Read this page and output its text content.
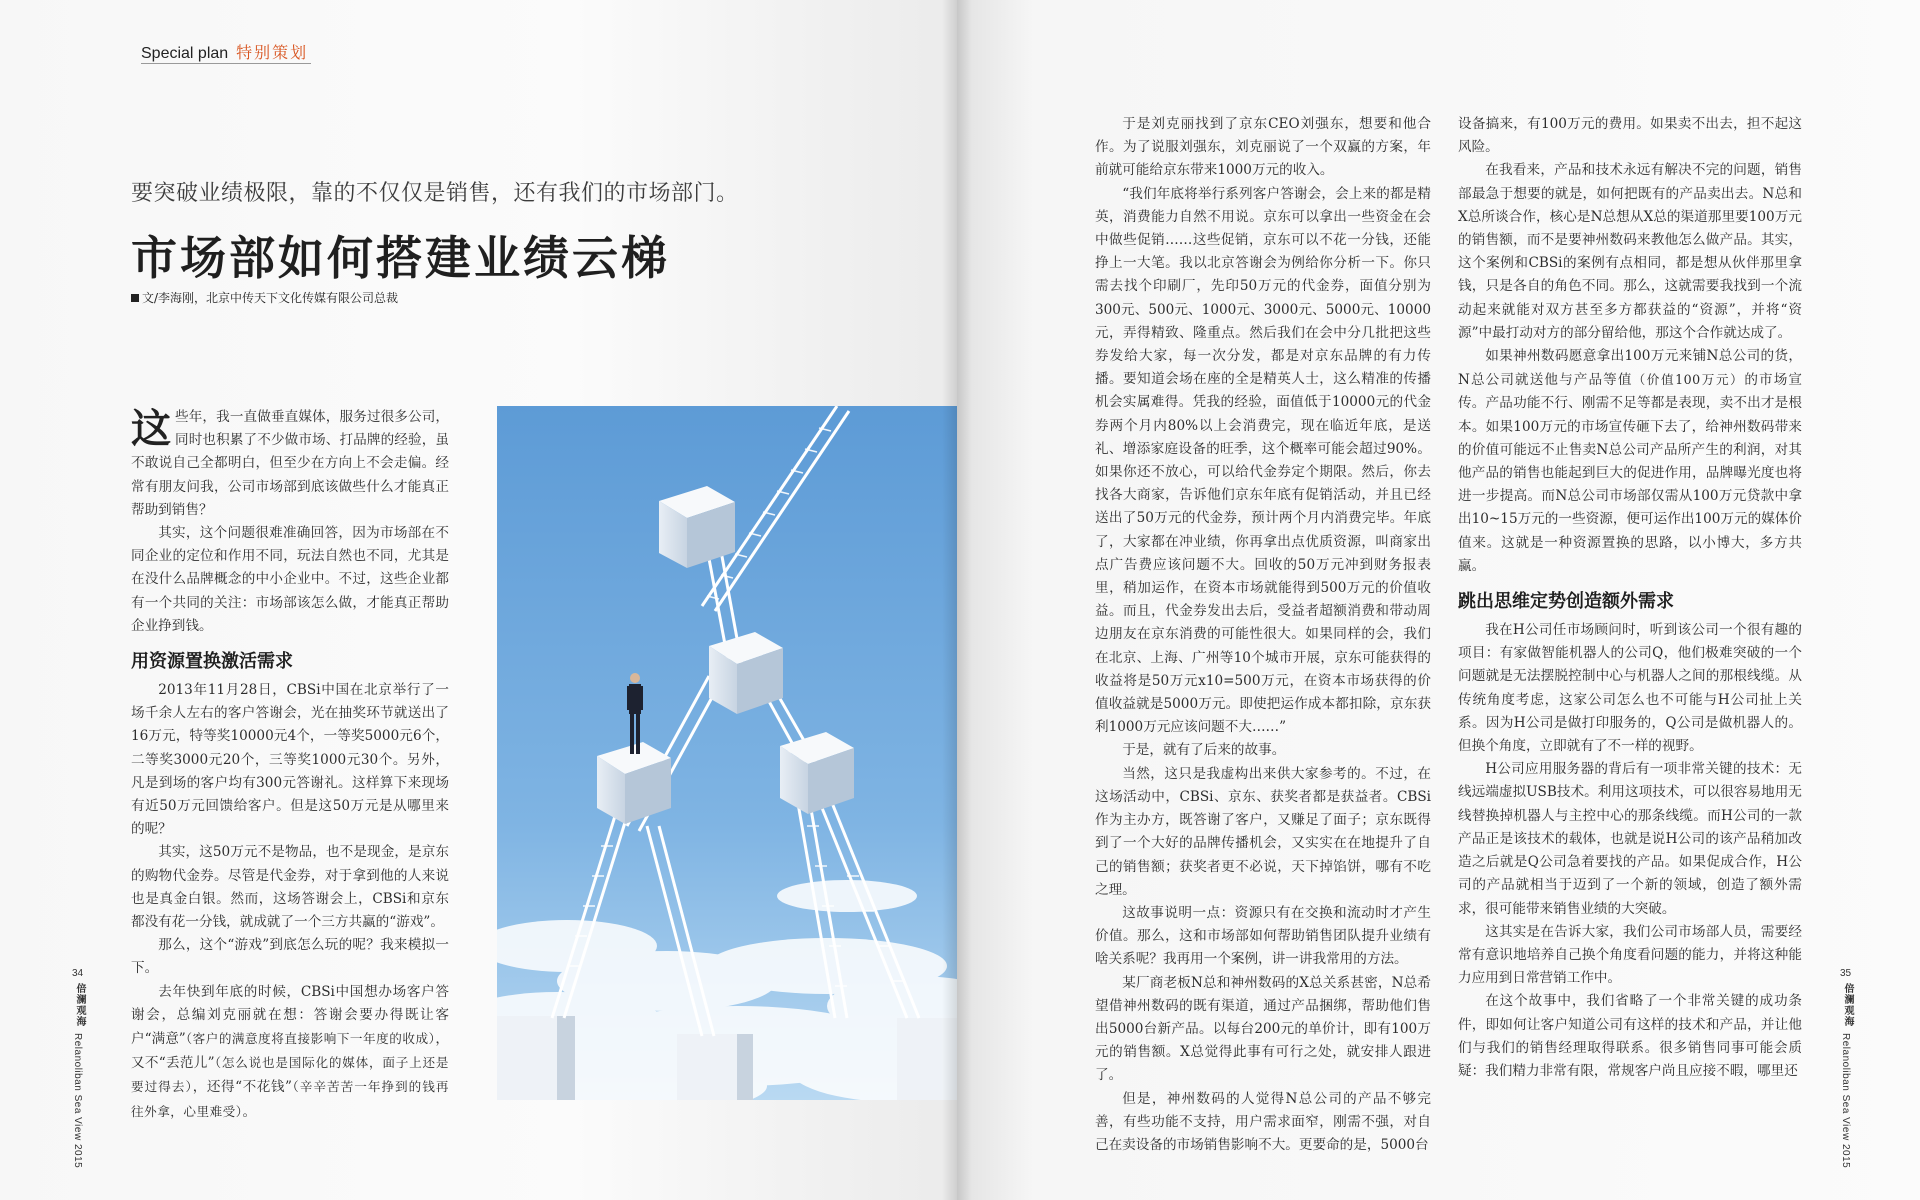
Special plan 特别策划
要突破业绩极限，靠的不仅仅是销售，还有我们的市场部门。
市场部如何搭建业绩云梯
文/李海刚，北京中传天下文化传媒有限公司总裁

这些年，我一直做垂直媒体，服务过很多公司，同时也积累了不少做市场、打品牌的经验，虽不敢说自己全都明白，但至少在方向上不会走偏。经常有朋友问我，公司市场部到底该做些什么才能真正帮助到销售？

其实，这个问题很难准确回答，因为市场部在不同企业的定位和作用不同，玩法自然也不同，尤其是在没什么品牌概念的中小企业中。不过，这些企业都有一个共同的关注：市场部该怎么做，才能真正帮助企业挣到钱。

用资源置换激活需求

2013年11月28日，CBSi中国在北京举行了一场千余人左右的客户答谢会，光在抽奖环节就送出了16万元，特等奖10000元4个，一等奖5000元6个，二等奖3000元20个，三等奖1000元30个。另外，凡是到场的客户均有300元答谢礼。这样算下来现场有近50万元回馈给客户。但是这50万元是从哪里来的呢？

其实，这50万元不是物品，也不是现金，是京东的购物代金券。尽管是代金券，对于拿到他的人来说也是真金白银。然而，这场答谢会上，CBSi和京东都没有花一分钱，就成就了一个三方共赢的“游戏”。

那么，这个“游戏”到底怎么玩的呢？我来模拟一下。

去年快到年底的时候，CBSi中国想办场客户答谢会，总编刘克丽就在想：答谢会要办得既让客户“满意”（客户的满意度将直接影响下一年度的收成），又不“丢范儿”（怎么说也是国际化的媒体，面子上还是要过得去），还得“不花钱”（辛辛苦苦一年挣到的钱再往外拿，心里难受）。

34
倍澜观海
Relanoliban Sea View 2015

于是刘克丽找到了京东CEO刘强东，想要和他合作。为了说服刘强东，刘克丽说了一个双赢的方案，年前就可能给京东带来1000万元的收入。

“我们年底将举行系列客户答谢会，会上来的都是精英，消费能力自然不用说。京东可以拿出一些资金在会中做些促销……这些促销，京东可以不花一分钱，还能挣上一大笔。我以北京答谢会为例给你分析一下。你只需去找个印刷厂，先印50万元的代金券，面值分别为300元、500元、1000元、3000元、5000元、10000元，弄得精致、隆重点。然后我们在会中分几批把这些券发给大家，每一次分发，都是对京东品牌的有力传播。要知道会场在座的全是精英人士，这么精准的传播机会实属难得。凭我的经验，面值低于10000元的代金券两个月内80%以上会消费完，现在临近年底，是送礼、增添家庭设备的旺季，这个概率可能会超过90%。如果你还不放心，可以给代金券定个期限。然后，你去找各大商家，告诉他们京东年底有促销活动，并且已经送出了50万元的代金券，预计两个月内消费完毕。年底了，大家都在冲业绩，你再拿出点优质资源，叫商家出点广告费应该问题不大。回收的50万元冲到财务报表里，稍加运作，在资本市场就能得到500万元的价值收益。而且，代金券发出去后，受益者超额消费和带动周边朋友在京东消费的可能性很大。如果同样的会，我们在北京、上海、广州等10个城市开展，京东可能获得的收益将是50万元x10=500万元，在资本市场获得的价值收益就是5000万元。即使把运作成本都扣除，京东获利1000万元应该问题不大……”

于是，就有了后来的故事。

当然，这只是我虚构出来供大家参考的。不过，在这场活动中，CBSi、京东、获奖者都是获益者。CBSi作为主办方，既答谢了客户，又赚足了面子；京东既得到了一个大好的品牌传播机会，又实实在在地提升了自己的销售额；获奖者更不必说，天下掉馅饼，哪有不吃之理。

这故事说明一点：资源只有在交换和流动时才产生价值。那么，这和市场部如何帮助销售团队提升业绩有啥关系呢？我再用一个案例，讲一讲我常用的方法。

某厂商老板N总和神州数码的X总关系甚密，N总希望借神州数码的既有渠道，通过产品捆绑，帮助他们售出5000台新产品。以每台200元的单价计，即有100万元的销售额。X总觉得此事有可行之处，就安排人跟进了。

但是，神州数码的人觉得N总公司的产品不够完善，有些功能不支持，用户需求面窄，刚需不强，对自己在卖设备的市场销售影响不大。更要命的是，5000台

设备搞来，有100万元的费用。如果卖不出去，担不起这风险。

在我看来，产品和技术永远有解决不完的问题，销售部最急于想要的就是，如何把既有的产品卖出去。N总和X总所谈合作，核心是N总想从X总的渠道那里要100万元的销售额，而不是要神州数码来教他怎么做产品。其实，这个案例和CBSi的案例有点相同，都是想从伙伴那里拿钱，只是各自的角色不同。那么，这就需要我找到一个流动起来就能对双方甚至多方都获益的“资源”，并将“资源”中最打动对方的部分留给他，那这个合作就达成了。

如果神州数码愿意拿出100万元来铺N总公司的货，N总公司就送他与产品等值（价值100万元）的市场宣传。产品功能不行、刚需不足等都是表现，卖不出才是根本。如果100万元的市场宣传砸下去了，给神州数码带来的价值可能远不止售卖N总公司产品所产生的利润，对其他产品的销售也能起到巨大的促进作用，品牌曝光度也将进一步提高。而N总公司市场部仅需从100万元贷款中拿出10~15万元的一些资源，便可运作出100万元的媒体价值来。这就是一种资源置换的思路，以小博大，多方共赢。

跳出思维定势创造额外需求

我在H公司任市场顾问时，听到该公司一个很有趣的项目：有家做智能机器人的公司Q，他们极难突破的一个问题就是无法摆脱控制中心与机器人之间的那根线缆。从传统角度考虑，这家公司怎么也不可能与H公司扯上关系。因为H公司是做打印服务的，Q公司是做机器人的。但换个角度，立即就有了不一样的视野。

H公司应用服务器的背后有一项非常关键的技术：无线远端虚拟USB技术。利用这项技术，可以很容易地用无线替换掉机器人与主控中心的那条线缆。而H公司的一款产品正是该技术的载体，也就是说H公司的该产品稍加改造之后就是Q公司急着要找的产品。如果促成合作，H公司的产品就相当于迈到了一个新的领域，创造了额外需求，很可能带来销售业绩的大突破。

这其实是在告诉大家，我们公司市场部人员，需要经常有意识地培养自己换个角度看问题的能力，并将这种能力应用到日常营销工作中。

在这个故事中，我们省略了一个非常关键的成功条件，即如何让客户知道公司有这样的技术和产品，并让他们与我们的销售经理取得联系。很多销售同事可能会质疑：我们精力非常有限，常规客户尚且应接不暇，哪里还

35
倍澜观海
Relanoliban Sea View 2015
